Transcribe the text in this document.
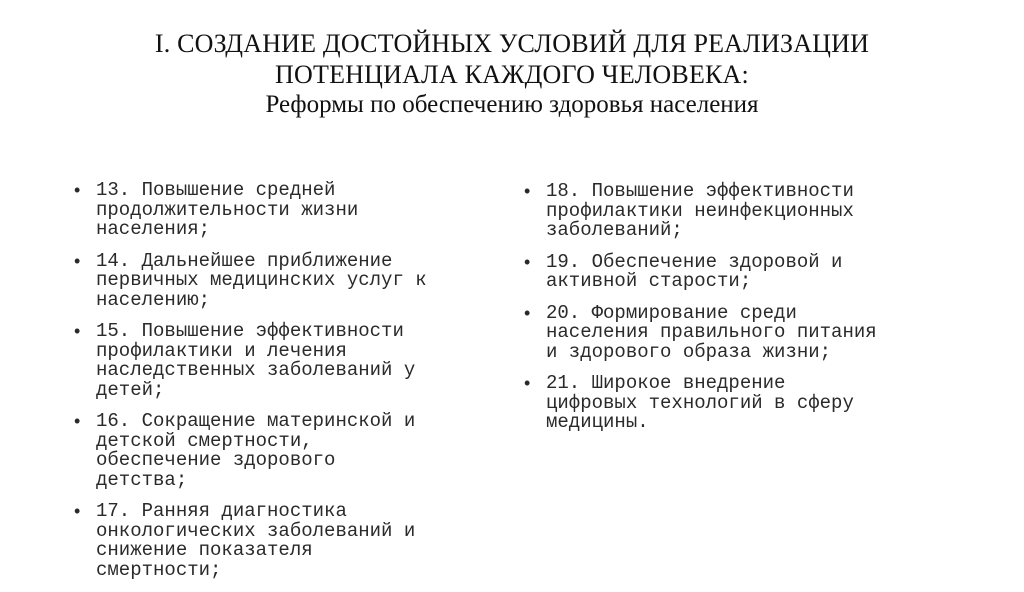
I. СОЗДАНИЕ ДОСТОЙНЫХ УСЛОВИЙ ДЛЯ РЕАЛИЗАЦИИ
ПОТЕНЦИАЛА КАЖДОГО ЧЕЛОВЕКА:
Реформы по обеспечению здоровья населения
• 13. Повышение средней
продолжительности жизни
населения;
• 14. Дальнейшее приближение
первичных медицинских услуг к
населению;
• 15. Повышение эффективности
профилактики и лечения
наследственных заболеваний у
детей;
• 16. Сокращение материнской и
детской смертности,
обеспечение здорового
детства;
• 17. Ранняя диагностика
онкологических заболеваний и
снижение показателя
смертности;
• 18. Повышение эффективности
профилактики неинфекционных
заболеваний;
• 19. Обеспечение здоровой и
активной старости;
• 20. Формирование среди
населения правильного питания
и здорового образа жизни;
• 21. Широкое внедрение
цифровых технологий в сферу
медицины.
